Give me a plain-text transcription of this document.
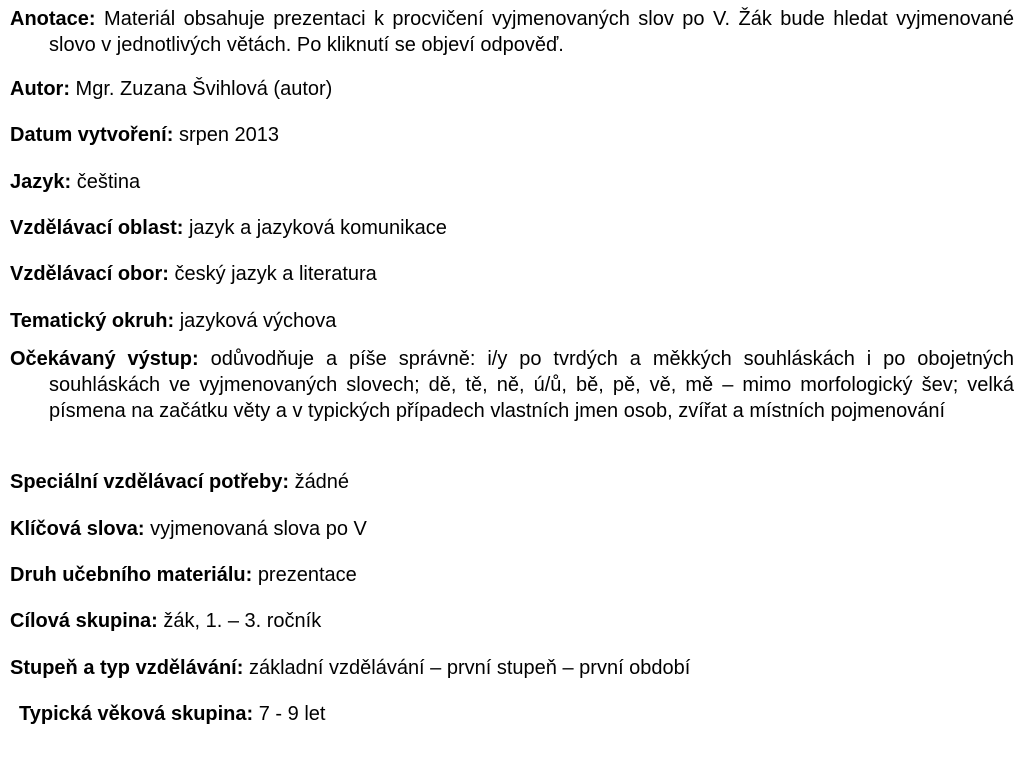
Anotace: Materiál obsahuje prezentaci k procvičení vyjmenovaných slov po V. Žák bude hledat vyjmenované slovo v jednotlivých větách. Po kliknutí se objeví odpověď.

Autor: Mgr. Zuzana Švihlová (autor)

Datum vytvoření: srpen 2013

Jazyk: čeština

Vzdělávací oblast: jazyk a jazyková komunikace

Vzdělávací obor: český jazyk a literatura

Tematický okruh: jazyková výchova

Očekávaný výstup: odůvodňuje a píše správně: i/y po tvrdých a měkkých souhláskách i po obojetných souhláskách ve vyjmenovaných slovech; dě, tě, ně, ú/ů, bě, pě, vě, mě – mimo morfologický šev; velká písmena na začátku věty a v typických případech vlastních jmen osob, zvířat a místních pojmenování

Speciální vzdělávací potřeby: žádné

Klíčová slova: vyjmenovaná slova po V

Druh učebního materiálu: prezentace

Cílová skupina: žák, 1. – 3. ročník

Stupeň a typ vzdělávání: základní vzdělávání – první stupeň – první období

Typická věková skupina: 7 - 9 let
